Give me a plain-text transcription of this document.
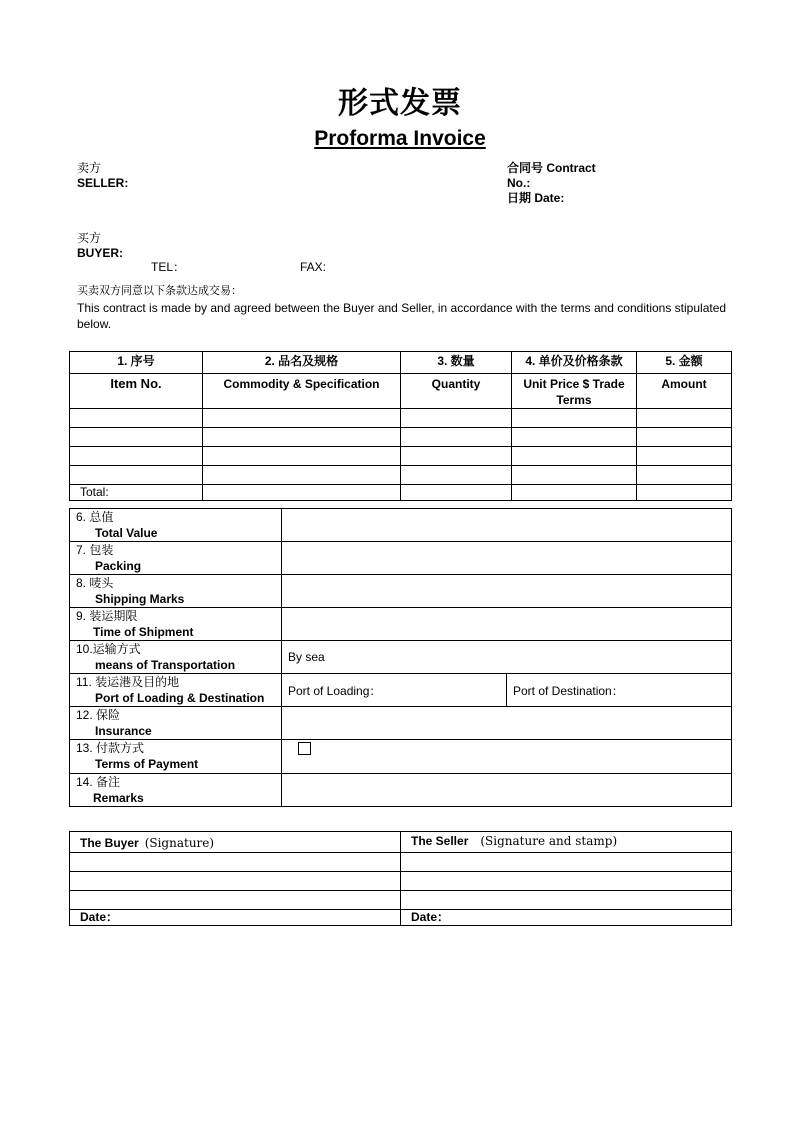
形式发票
Proforma Invoice
卖方
SELLER:
合同号 Contract
No.:
日期 Date:
买方
BUYER:
TEL：	FAX:
买卖双方同意以下条款达成交易：
This contract is made by and agreed between the Buyer and Seller, in accordance with the terms and conditions stipulated below.
1. 序号	2. 品名及规格	3. 数量	4. 单价及价格条款	5. 金额
Item No.	Commodity & Specification	Quantity	Unit Price $ Trade Terms	Amount

Total:				
6. 总值
Total Value		

7. 包装
Packing		

8. 唛头
Shipping Marks		

9. 装运期限
Time of Shipment		

10.运输方式
means of Transportation	By sea	

11. 装运港及目的地
Port of Loading & Destination	Port of Loading：	Port of Destination：

12. 保险
Insurance		

13. 付款方式
Terms of Payment		

14. 备注
Remarks		

The Buyer (Signature)	The Seller (Signature and stamp)

Date：	Date：
